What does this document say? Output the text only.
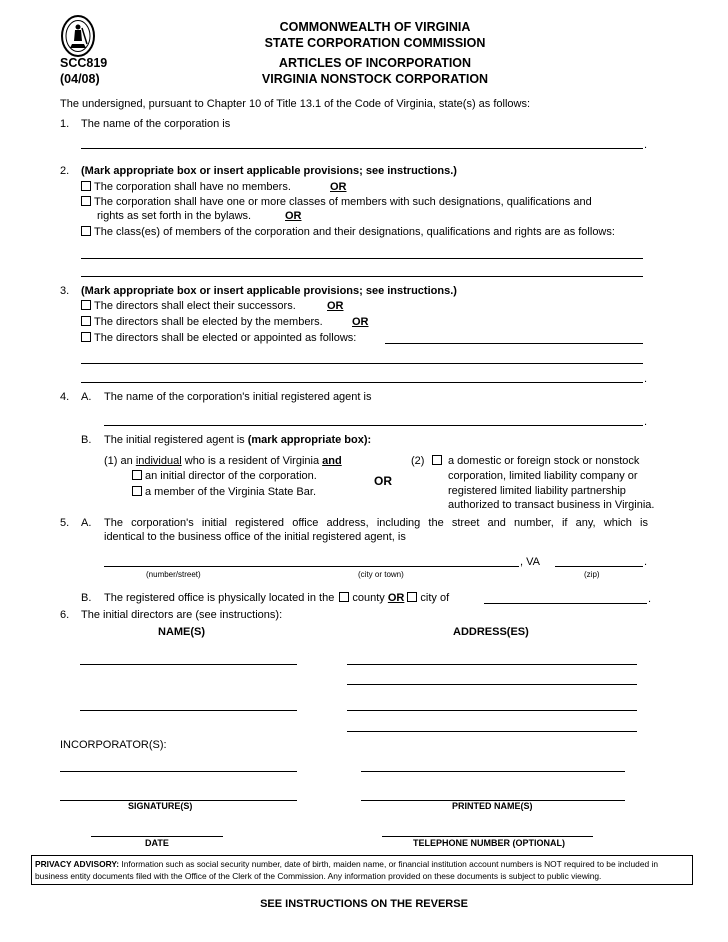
COMMONWEALTH OF VIRGINIA
STATE CORPORATION COMMISSION
SCC819
(04/08)
ARTICLES OF INCORPORATION
VIRGINIA NONSTOCK CORPORATION
The undersigned, pursuant to Chapter 10 of Title 13.1 of the Code of Virginia, state(s) as follows:
1. The name of the corporation is
.
2. (Mark appropriate box or insert applicable provisions; see instructions.)
The corporation shall have no members.	OR
The corporation shall have one or more classes of members with such designations, qualifications and
rights as set forth in the bylaws.	OR
The class(es) of members of the corporation and their designations, qualifications and rights are as follows:
3. (Mark appropriate box or insert applicable provisions; see instructions.)
The directors shall elect their successors.	OR
The directors shall be elected by the members.	OR
The directors shall be elected or appointed as follows:
.
4. A. The name of the corporation's initial registered agent is
.
B. The initial registered agent is (mark appropriate box):
(1) an individual who is a resident of Virginia and
an initial director of the corporation.
a member of the Virginia State Bar.
OR
(2)	a domestic or foreign stock or nonstock
corporation, limited liability company or
registered limited liability partnership
authorized to transact business in Virginia.
5. A. The corporation's initial registered office address, including the street and number, if any, which is
identical to the business office of the initial registered agent, is
, VA	.
(number/street)	(city or town)	(zip)
B. The registered office is physically located in the county OR city of	.
6. The initial directors are (see instructions):
NAME(S)	ADDRESS(ES)
INCORPORATOR(S):
SIGNATURE(S)	PRINTED NAME(S)
DATE	TELEPHONE NUMBER (OPTIONAL)
PRIVACY ADVISORY: Information such as social security number, date of birth, maiden name, or financial institution account numbers is NOT required to be included in business entity documents filed with the Office of the Clerk of the Commission. Any information provided on these documents is subject to public viewing.
SEE INSTRUCTIONS ON THE REVERSE
